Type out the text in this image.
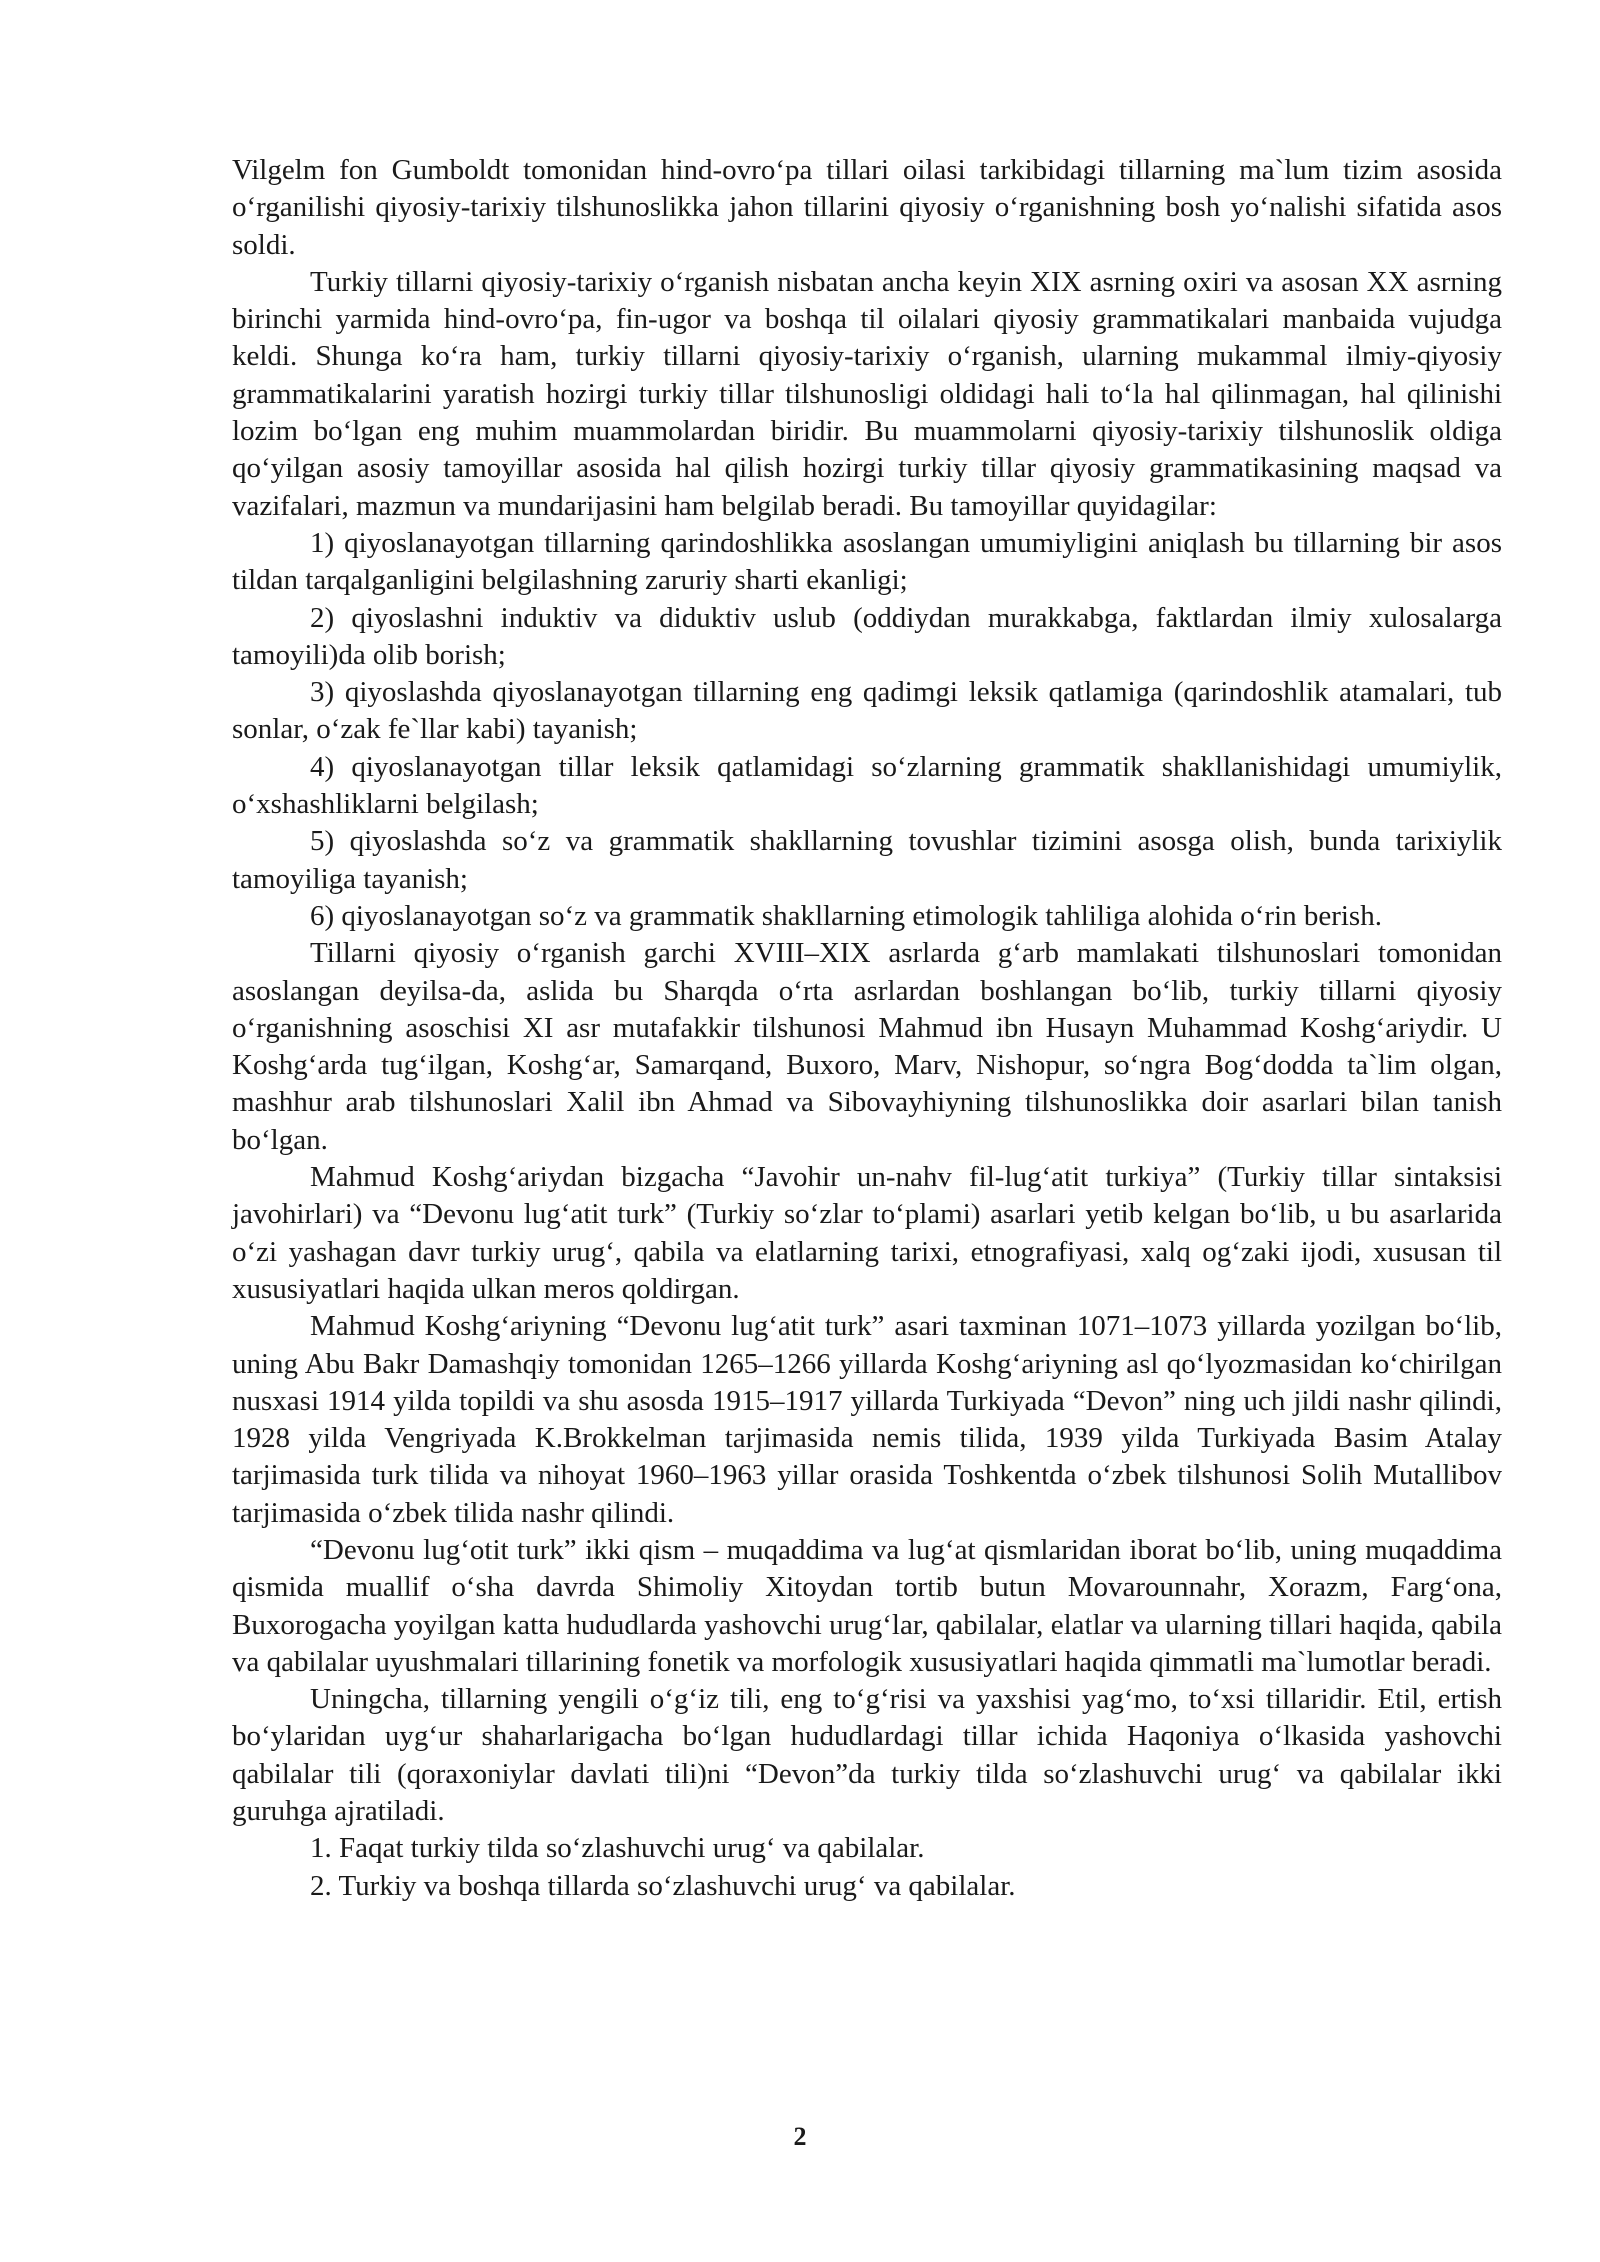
Vilgelm fon Gumboldt tomonidan hind-ovro‘pa tillari oilasi tarkibidagi tillarning ma`lum tizim asosida o‘rganilishi qiyosiy-tarixiy tilshunoslikka jahon tillarini qiyosiy o‘rganishning bosh yo‘nalishi sifatida asos soldi.

Turkiy tillarni qiyosiy-tarixiy o‘rganish nisbatan ancha keyin XIX asrning oxiri va asosan XX asrning birinchi yarmida hind-ovro‘pa, fin-ugor va boshqa til oilalari qiyosiy grammatikalari manbaida vujudga keldi. Shunga ko‘ra ham, turkiy tillarni qiyosiy-tarixiy o‘rganish, ularning mukammal ilmiy-qiyosiy grammatikalarini yaratish hozirgi turkiy tillar tilshunosligi oldidagi hali to‘la hal qilinmagan, hal qilinishi lozim bo‘lgan eng muhim muammolardan biridir. Bu muammolarni qiyosiy-tarixiy tilshunoslik oldiga qo‘yilgan asosiy tamoyillar asosida hal qilish hozirgi turkiy tillar qiyosiy grammatikasining maqsad va vazifalari, mazmun va mundarijasini ham belgilab beradi. Bu tamoyillar quyidagilar:

1) qiyoslanayotgan tillarning qarindoshlikka asoslangan umumiyligini aniqlash bu tillarning bir asos tildan tarqalganligini belgilashning zaruriy sharti ekanligi;

2) qiyoslashni induktiv va diduktiv uslub (oddiydan murakkabga, faktlardan ilmiy xulosalarga tamoyili)da olib borish;

3) qiyoslashda qiyoslanayotgan tillarning eng qadimgi leksik qatlamiga (qarindoshlik atamalari, tub sonlar, o‘zak fe`llar kabi) tayanish;

4) qiyoslanayotgan tillar leksik qatlamidagi so‘zlarning grammatik shakllanishidagi umumiylik, o‘xshashliklarni belgilash;

5) qiyoslashda so‘z va grammatik shakllarning tovushlar tizimini asosga olish, bunda tarixiylik tamoyiliga tayanish;

6) qiyoslanayotgan so‘z va grammatik shakllarning etimologik tahliliga alohida o‘rin berish.

Tillarni qiyosiy o‘rganish garchi XVIII–XIX asrlarda g‘arb mamlakati tilshunoslari tomonidan asoslangan deyilsa-da, aslida bu Sharqda o‘rta asrlardan boshlangan bo‘lib, turkiy tillarni qiyosiy o‘rganishning asoschisi XI asr mutafakkir tilshunosi Mahmud ibn Husayn Muhammad Koshg‘ariydir. U Koshg‘arda tug‘ilgan, Koshg‘ar, Samarqand, Buxoro, Marv, Nishopur, so‘ngra Bog‘dodda ta`lim olgan, mashhur arab tilshunoslari Xalil ibn Ahmad va Sibovayhiyning tilshunoslikka doir asarlari bilan tanish bo‘lgan.

Mahmud Koshg‘ariydan bizgacha “Javohir un-nahv fil-lug‘atit turkiya” (Turkiy tillar sintaksisi javohirlari) va “Devonu lug‘atit turk” (Turkiy so‘zlar to‘plami) asarlari yetib kelgan bo‘lib, u bu asarlarida o‘zi yashagan davr turkiy urug‘, qabila va elatlarning tarixi, etnografiyasi, xalq og‘zaki ijodi, xususan til xususiyatlari haqida ulkan meros qoldirgan.

Mahmud Koshg‘ariyning “Devonu lug‘atit turk” asari taxminan 1071–1073 yillarda yozilgan bo‘lib, uning Abu Bakr Damashqiy tomonidan 1265–1266 yillarda Koshg‘ariyning asl qo‘lyozmasidan ko‘chirilgan nusxasi 1914 yilda topildi va shu asosda 1915–1917 yillarda Turkiyada “Devon” ning uch jildi nashr qilindi, 1928 yilda Vengriyada K.Brokkelman tarjimasida nemis tilida, 1939 yilda Turkiyada Basim Atalay tarjimasida turk tilida va nihoyat 1960–1963 yillar orasida Toshkentda o‘zbek tilshunosi Solih Mutallibov tarjimasida o‘zbek tilida nashr qilindi.

“Devonu lug‘otit turk” ikki qism – muqaddima va lug‘at qismlaridan iborat bo‘lib, uning muqaddima qismida muallif o‘sha davrda Shimoliy Xitoydan tortib butun Movarounnahr, Xorazm, Farg‘ona, Buxorogacha yoyilgan katta hududlarda yashovchi urug‘lar, qabilalar, elatlar va ularning tillari haqida, qabila va qabilalar uyushmalari tillarining fonetik va morfologik xususiyatlari haqida qimmatli ma`lumotlar beradi.

Uningcha, tillarning yengili o‘g‘iz tili, eng to‘g‘risi va yaxshisi yag‘mo, to‘xsi tillaridir. Etil, ertish bo‘ylaridan uyg‘ur shaharlarigacha bo‘lgan hududlardagi tillar ichida Haqoniya o‘lkasida yashovchi qabilalar tili (qoraxoniylar davlati tili)ni “Devon”da turkiy tilda so‘zlashuvchi urug‘ va qabilalar ikki guruhga ajratiladi.

1. Faqat turkiy tilda so‘zlashuvchi urug‘ va qabilalar.

2. Turkiy va boshqa tillarda so‘zlashuvchi urug‘ va qabilalar.

2
